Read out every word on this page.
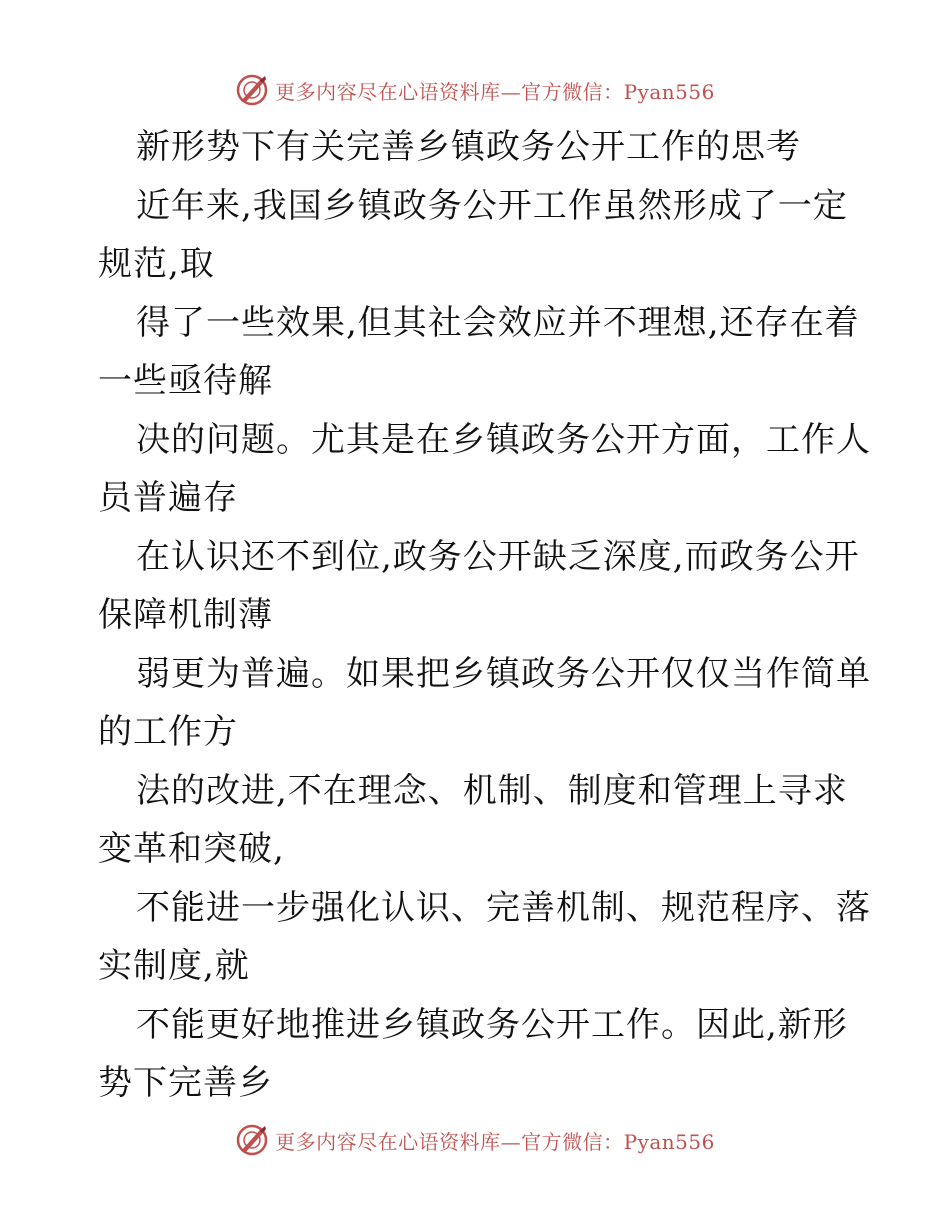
更多内容尽在心语资料库—官方微信：Pyan556
新形势下有关完善乡镇政务公开工作的思考
近年来,我国乡镇政务公开工作虽然形成了一定
规范,取
得了一些效果,但其社会效应并不理想,还存在着
一些亟待解
决的问题。尤其是在乡镇政务公开方面，工作人
员普遍存
在认识还不到位,政务公开缺乏深度,而政务公开
保障机制薄
弱更为普遍。如果把乡镇政务公开仅仅当作简单
的工作方
法的改进,不在理念、机制、制度和管理上寻求
变革和突破,
不能进一步强化认识、完善机制、规范程序、落
实制度,就
不能更好地推进乡镇政务公开工作。因此,新形
势下完善乡
更多内容尽在心语资料库—官方微信：Pyan556
